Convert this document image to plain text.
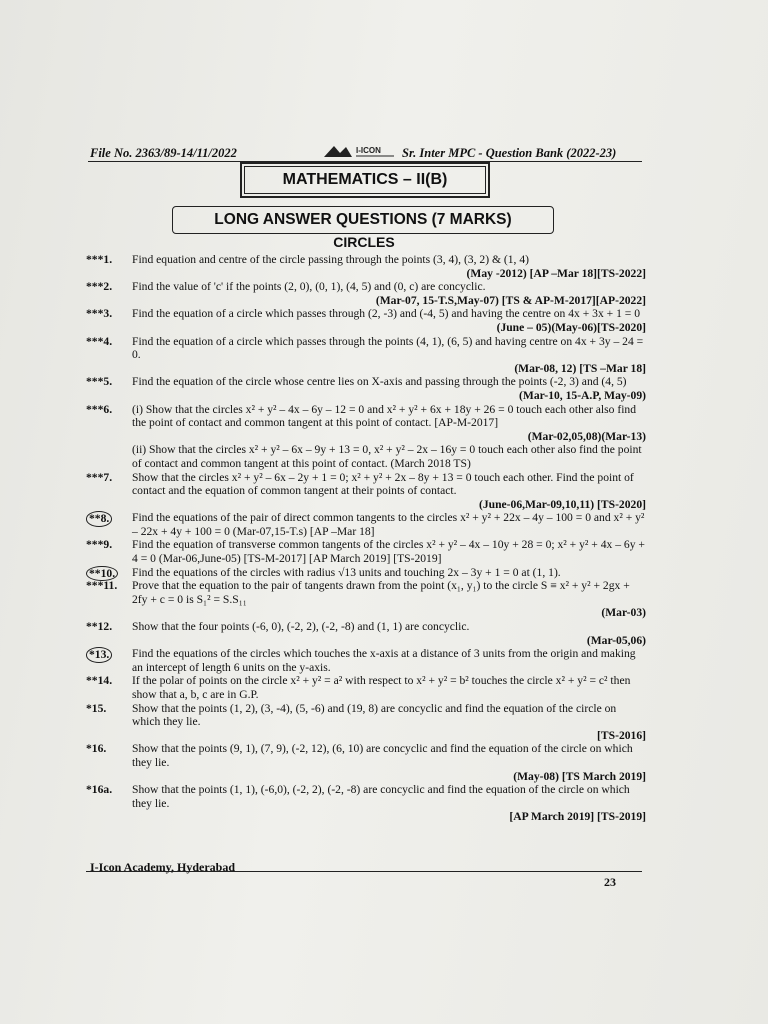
File No. 2363/89-14/11/2022	I-ICON Sr. Inter MPC - Question Bank (2022-23)
MATHEMATICS – II(B)
LONG ANSWER QUESTIONS (7 MARKS)
CIRCLES
***1. Find equation and centre of the circle passing through the points (3, 4), (3, 2) & (1, 4)
(May -2012) [AP –Mar 18][TS-2022]
***2. Find the value of 'c' if the points (2, 0), (0, 1), (4, 5) and (0, c) are concyclic.
(Mar-07, 15-T.S,May-07) [TS & AP-M-2017][AP-2022]
***3. Find the equation of a circle which passes through (2, -3) and (-4, 5) and having the centre on 4x + 3x + 1 = 0
(June – 05)(May-06)[TS-2020]
***4. Find the equation of a circle which passes through the points (4, 1), (6, 5) and having centre on 4x + 3y – 24 = 0.
(Mar-08, 12) [TS –Mar 18]
***5. Find the equation of the circle whose centre lies on X-axis and passing through the points (-2, 3) and (4, 5)
(Mar-10, 15-A.P, May-09)
***6. (i) Show that the circles x² + y² – 4x – 6y – 12 = 0 and x² + y² + 6x + 18y + 26 = 0 touch each other also find the point of contact and common tangent at this point of contact. [AP-M-2017]
(Mar-02,05,08)(Mar-13)
(ii) Show that the circles x² + y² – 6x – 9y + 13 = 0, x² + y² – 2x – 16y = 0 touch each other also find the point of contact and common tangent at this point of contact. (March 2018 TS)
***7. Show that the circles x² + y² – 6x – 2y + 1 = 0; x² + y² + 2x – 8y + 13 = 0 touch each other. Find the point of contact and the equation of common tangent at their points of contact.
(June-06,Mar-09,10,11) [TS-2020]
**8. Find the equations of the pair of direct common tangents to the circles x² + y² + 22x – 4y – 100 = 0 and x² + y² – 22x + 4y + 100 = 0 (Mar-07,15-T.s) [AP –Mar 18]
***9. Find the equation of transverse common tangents of the circles x² + y² – 4x – 10y + 28 = 0; x² + y² + 4x – 6y + 4 = 0 (Mar-06,June-05) [TS-M-2017] [AP March 2019] [TS-2019]
**10. Find the equations of the circles with radius √13 units and touching 2x – 3y + 1 = 0 at (1, 1).
***11. Prove that the equation to the pair of tangents drawn from the point (x₁, y₁) to the circle S ≡ x² + y² + 2gx + 2fy + c = 0 is S₁² = S.S₁₁
(Mar-03)
**12. Show that the four points (-6, 0), (-2, 2), (-2, -8) and (1, 1) are concyclic.
(Mar-05,06)
*13. Find the equations of the circles which touches the x-axis at a distance of 3 units from the origin and making an intercept of length 6 units on the y-axis.
**14. If the polar of points on the circle x² + y² = a² with respect to x² + y² = b² touches the circle x² + y² = c² then show that a, b, c are in G.P.
*15. Show that the points (1, 2), (3, -4), (5, -6) and (19, 8) are concyclic and find the equation of the circle on which they lie.
[TS-2016]
*16. Show that the points (9, 1), (7, 9), (-2, 12), (6, 10) are concyclic and find the equation of the circle on which they lie.
(May-08) [TS March 2019]
*16a. Show that the points (1, 1), (-6,0), (-2, 2), (-2, -8) are concyclic and find the equation of the circle on which they lie.
[AP March 2019] [TS-2019]
I-Icon Academy, Hyderabad
23
